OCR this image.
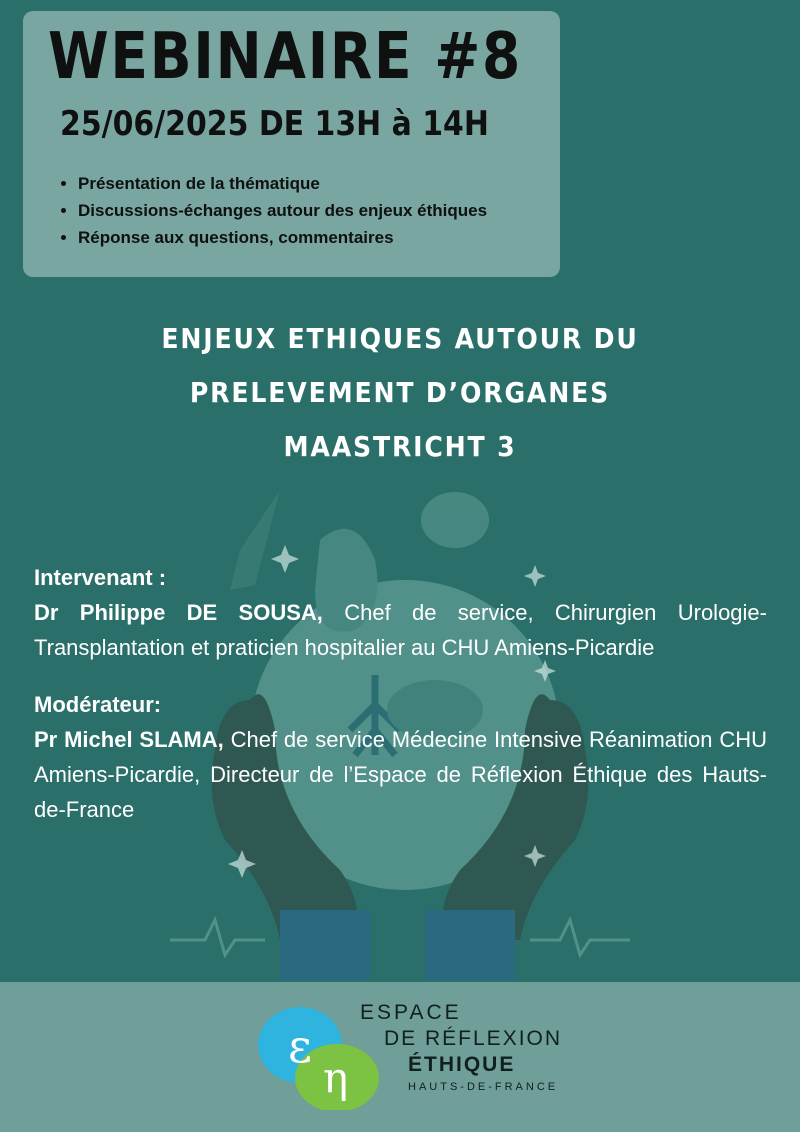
WEBINAIRE #8
25/06/2025 DE 13H à 14H
• Présentation de la thématique
• Discussions-échanges autour des enjeux éthiques
• Réponse aux questions, commentaires
ENJEUX ETHIQUES AUTOUR DU
PRELEVEMENT D’ORGANES
MAASTRICHT 3
Intervenant :

Dr Philippe DE SOUSA, Chef de service, Chirurgien Urologie-Transplantation et praticien hospitalier au CHU Amiens-Picardie

Modérateur:

Pr Michel SLAMA, Chef de service Médecine Intensive Réanimation CHU Amiens-Picardie, Directeur de l’Espace de Réflexion Éthique des Hauts-de-France

ε
η
ESPACE
DE RÉFLEXION
ÉTHIQUE
HAUTS-DE-FRANCE
